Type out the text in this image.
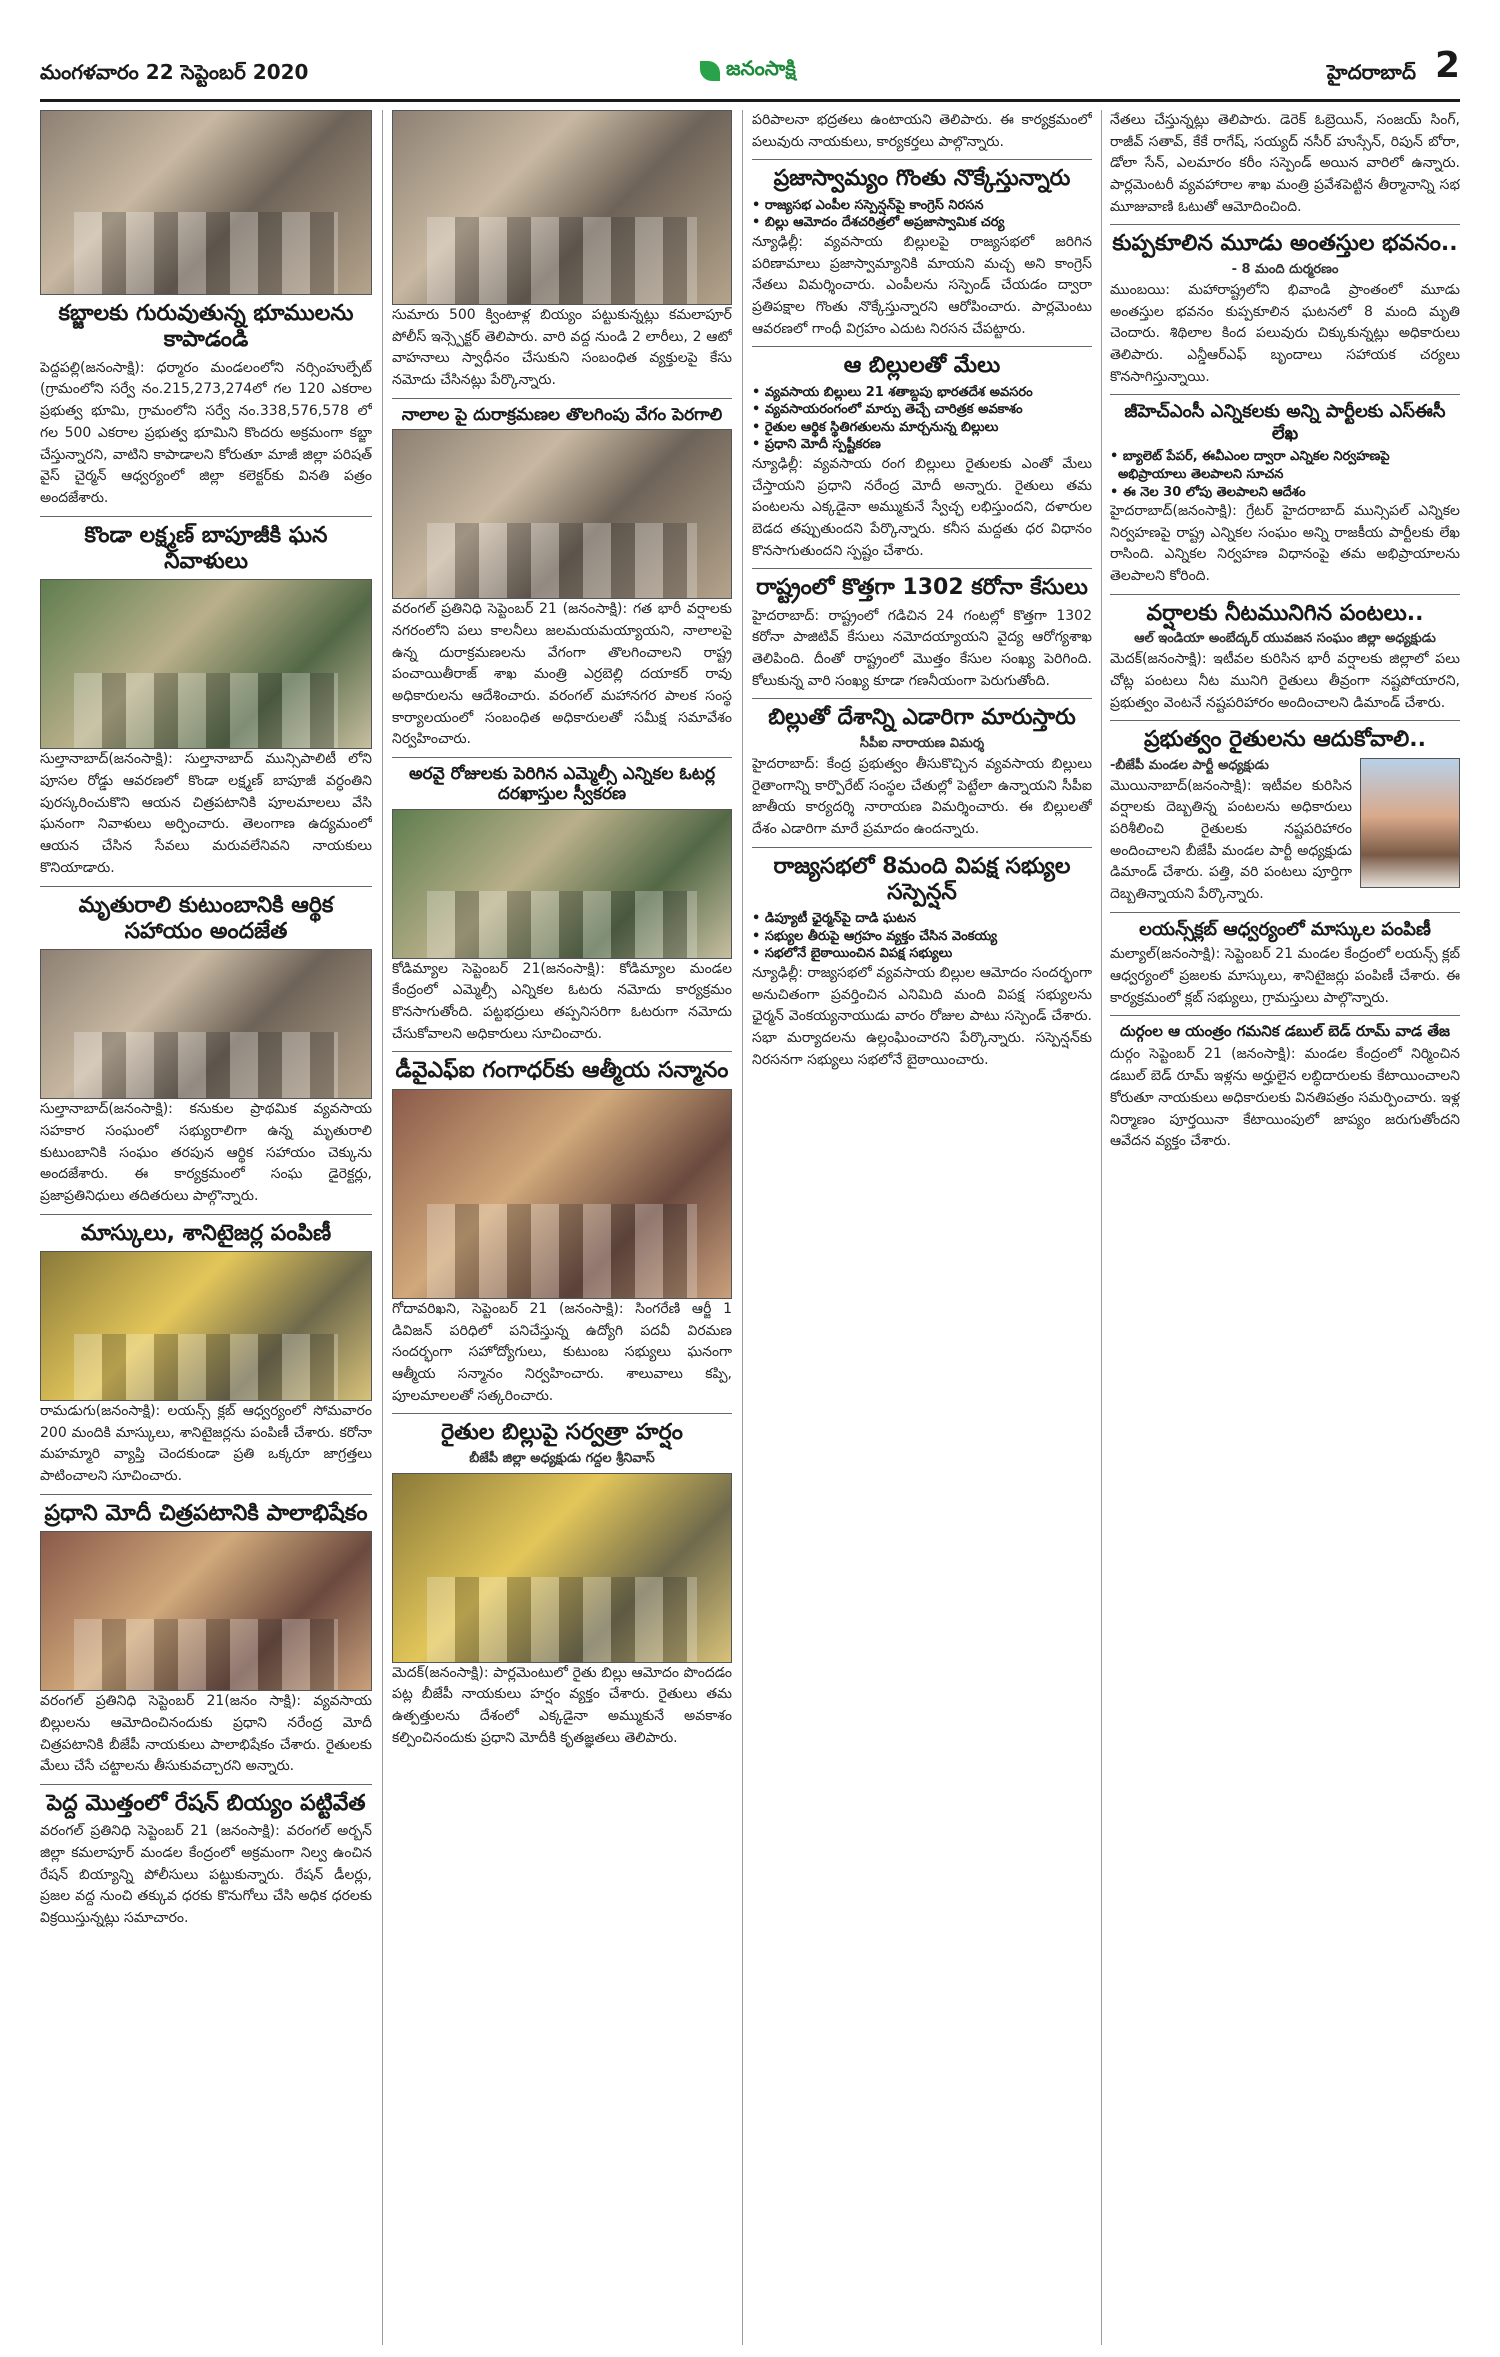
మంగళవారం 22 సెప్టెంబర్ 2020	జనంసాక్షి	హైదరాబాద్ 2
కబ్జాలకు గురువుతున్న భూములను కాపాడండి
పెద్దపల్లి(జనంసాక్షి): ధర్మారం మండలంలోని నర్సింహుల్పేట్ (గ్రామంలోని సర్వే నం.215,273,274లో గల 120 ఎకరాల ప్రభుత్వ భూమి, గ్రామంలోని సర్వే నం.338,576,578 లో గల 500 ఎకరాల ప్రభుత్వ భూమిని కొందరు అక్రమంగా కబ్జా చేస్తున్నారని, వాటిని కాపాడాలని కోరుతూ మాజీ జిల్లా పరిషత్ వైస్ చైర్మన్ ఆధ్వర్యంలో జిల్లా కలెక్టర్‌కు వినతి పత్రం అందజేశారు.
కొండా లక్ష్మణ్ బాపూజీకి ఘన నివాళులు
సుల్తానాబాద్(జనంసాక్షి): సుల్తానాబాద్ మున్సిపాలిటీ లోని పూసల రోడ్డు ఆవరణలో కొండా లక్ష్మణ్ బాపూజీ వర్ధంతిని పురస్కరించుకొని ఆయన చిత్రపటానికి పూలమాలలు వేసి ఘనంగా నివాళులు అర్పించారు. తెలంగాణ ఉద్యమంలో ఆయన చేసిన సేవలు మరువలేనివని నాయకులు కొనియాడారు.
మృతురాలి కుటుంబానికి ఆర్థిక సహాయం అందజేత
సుల్తానాబాద్(జనంసాక్షి): కనుకుల ప్రాథమిక వ్యవసాయ సహకార సంఘంలో సభ్యురాలిగా ఉన్న మృతురాలి కుటుంబానికి సంఘం తరపున ఆర్థిక సహాయం చెక్కును అందజేశారు. ఈ కార్యక్రమంలో సంఘ డైరెక్టర్లు, ప్రజాప్రతినిధులు తదితరులు పాల్గొన్నారు.
మాస్కులు, శానిటైజర్ల పంపిణీ
రామడుగు(జనంసాక్షి): లయన్స్ క్లబ్ ఆధ్వర్యంలో సోమవారం 200 మందికి మాస్కులు, శానిటైజర్లను పంపిణీ చేశారు. కరోనా మహమ్మారి వ్యాప్తి చెందకుండా ప్రతి ఒక్కరూ జాగ్రత్తలు పాటించాలని సూచించారు.
ప్రధాని మోదీ చిత్రపటానికి పాలాభిషేకం
వరంగల్ ప్రతినిధి సెప్టెంబర్ 21(జనం సాక్షి): వ్యవసాయ బిల్లులను ఆమోదించినందుకు ప్రధాని నరేంద్ర మోదీ చిత్రపటానికి బీజేపీ నాయకులు పాలాభిషేకం చేశారు. రైతులకు మేలు చేసే చట్టాలను తీసుకువచ్చారని అన్నారు.
పెద్ద మొత్తంలో రేషన్ బియ్యం పట్టివేత
వరంగల్ ప్రతినిధి సెప్టెంబర్ 21 (జనంసాక్షి): వరంగల్ అర్బన్ జిల్లా కమలాపూర్ మండల కేంద్రంలో అక్రమంగా నిల్వ ఉంచిన రేషన్ బియ్యాన్ని పోలీసులు పట్టుకున్నారు. రేషన్ డీలర్లు, ప్రజల వద్ద నుంచి తక్కువ ధరకు కొనుగోలు చేసి అధిక ధరలకు విక్రయిస్తున్నట్లు సమాచారం.
సుమారు 500 క్వింటాళ్ల బియ్యం పట్టుకున్నట్లు కమలాపూర్ పోలీస్ ఇన్స్పెక్టర్ తెలిపారు. వారి వద్ద నుండి 2 లారీలు, 2 ఆటో వాహనాలు స్వాధీనం చేసుకుని సంబంధిత వ్యక్తులపై కేసు నమోదు చేసినట్లు పేర్కొన్నారు.
నాలాల పై దురాక్రమణల తొలగింపు వేగం పెరగాలి
వరంగల్ ప్రతినిధి సెప్టెంబర్ 21 (జనంసాక్షి): గత భారీ వర్షాలకు నగరంలోని పలు కాలనీలు జలమయమయ్యాయని, నాలాలపై ఉన్న దురాక్రమణలను వేగంగా తొలగించాలని రాష్ట్ర పంచాయితీరాజ్ శాఖ మంత్రి ఎర్రబెల్లి దయాకర్ రావు అధికారులను ఆదేశించారు. వరంగల్ మహానగర పాలక సంస్థ కార్యాలయంలో సంబంధిత అధికారులతో సమీక్ష సమావేశం నిర్వహించారు.
అరవై రోజులకు పెరిగిన ఎమ్మెల్సీ ఎన్నికల ఓటర్ల దరఖాస్తుల స్వీకరణ
కోడిమ్యాల సెప్టెంబర్ 21(జనంసాక్షి): కోడిమ్యాల మండల కేంద్రంలో ఎమ్మెల్సీ ఎన్నికల ఓటరు నమోదు కార్యక్రమం కొనసాగుతోంది. పట్టభద్రులు తప్పనిసరిగా ఓటరుగా నమోదు చేసుకోవాలని అధికారులు సూచించారు.
డీవైఎఫ్ఐ గంగాధర్‌కు ఆత్మీయ సన్మానం
గోదావరిఖని, సెప్టెంబర్ 21 (జనంసాక్షి): సింగరేణి ఆర్జీ 1 డివిజన్ పరిధిలో పనిచేస్తున్న ఉద్యోగి పదవీ విరమణ సందర్భంగా సహోద్యోగులు, కుటుంబ సభ్యులు ఘనంగా ఆత్మీయ సన్మానం నిర్వహించారు. శాలువాలు కప్పి, పూలమాలలతో సత్కరించారు.
రైతుల బిల్లుపై సర్వత్రా హర్షం
బీజేపీ జిల్లా అధ్యక్షుడు గద్దల శ్రీనివాస్
మెదక్(జనంసాక్షి): పార్లమెంటులో రైతు బిల్లు ఆమోదం పొందడం పట్ల బీజేపీ నాయకులు హర్షం వ్యక్తం చేశారు. రైతులు తమ ఉత్పత్తులను దేశంలో ఎక్కడైనా అమ్ముకునే అవకాశం కల్పించినందుకు ప్రధాని మోదీకి కృతజ్ఞతలు తెలిపారు.
పరిపాలనా భద్రతలు ఉంటాయని తెలిపారు. ఈ కార్యక్రమంలో పలువురు నాయకులు, కార్యకర్తలు పాల్గొన్నారు.
ప్రజాస్వామ్యం గొంతు నొక్కేస్తున్నారు
• రాజ్యసభ ఎంపీల సస్పెన్షన్‌పై కాంగ్రెస్ నిరసన
• బిల్లు ఆమోదం దేశచరిత్రలో అప్రజాస్వామిక చర్య
న్యూఢిల్లీ: వ్యవసాయ బిల్లులపై రాజ్యసభలో జరిగిన పరిణామాలు ప్రజాస్వామ్యానికి మాయని మచ్చ అని కాంగ్రెస్ నేతలు విమర్శించారు. ఎంపీలను సస్పెండ్ చేయడం ద్వారా ప్రతిపక్షాల గొంతు నొక్కేస్తున్నారని ఆరోపించారు. పార్లమెంటు ఆవరణలో గాంధీ విగ్రహం ఎదుట నిరసన చేపట్టారు.
ఆ బిల్లులతో మేలు
• వ్యవసాయ బిల్లులు 21 శతాబ్దపు భారతదేశ అవసరం
• వ్యవసాయరంగంలో మార్పు తెచ్చే చారిత్రక అవకాశం
• రైతుల ఆర్థిక స్థితిగతులను మార్చనున్న బిల్లులు
• ప్రధాని మోదీ స్పష్టీకరణ
న్యూఢిల్లీ: వ్యవసాయ రంగ బిల్లులు రైతులకు ఎంతో మేలు చేస్తాయని ప్రధాని నరేంద్ర మోదీ అన్నారు. రైతులు తమ పంటలను ఎక్కడైనా అమ్ముకునే స్వేచ్ఛ లభిస్తుందని, దళారుల బెడద తప్పుతుందని పేర్కొన్నారు. కనీస మద్దతు ధర విధానం కొనసాగుతుందని స్పష్టం చేశారు.
రాష్ట్రంలో కొత్తగా 1302 కరోనా కేసులు
హైదరాబాద్: రాష్ట్రంలో గడిచిన 24 గంటల్లో కొత్తగా 1302 కరోనా పాజిటివ్ కేసులు నమోదయ్యాయని వైద్య ఆరోగ్యశాఖ తెలిపింది. దీంతో రాష్ట్రంలో మొత్తం కేసుల సంఖ్య పెరిగింది. కోలుకున్న వారి సంఖ్య కూడా గణనీయంగా పెరుగుతోంది.
బిల్లుతో దేశాన్ని ఎడారిగా మారుస్తారు
సీపీఐ నారాయణ విమర్శ
హైదరాబాద్: కేంద్ర ప్రభుత్వం తీసుకొచ్చిన వ్యవసాయ బిల్లులు రైతాంగాన్ని కార్పొరేట్ సంస్థల చేతుల్లో పెట్టేలా ఉన్నాయని సీపీఐ జాతీయ కార్యదర్శి నారాయణ విమర్శించారు. ఈ బిల్లులతో దేశం ఎడారిగా మారే ప్రమాదం ఉందన్నారు.
రాజ్యసభలో 8మంది విపక్ష సభ్యుల సస్పెన్షన్
• డిప్యూటీ ఛైర్మన్‌పై దాడి ఘటన
• సభ్యుల తీరుపై ఆగ్రహం వ్యక్తం చేసిన వెంకయ్య
• సభలోనే బైఠాయించిన విపక్ష సభ్యులు
న్యూఢిల్లీ: రాజ్యసభలో వ్యవసాయ బిల్లుల ఆమోదం సందర్భంగా అనుచితంగా ప్రవర్తించిన ఎనిమిది మంది విపక్ష సభ్యులను ఛైర్మన్ వెంకయ్యనాయుడు వారం రోజుల పాటు సస్పెండ్ చేశారు. సభా మర్యాదలను ఉల్లంఘించారని పేర్కొన్నారు. సస్పెన్షన్‌కు నిరసనగా సభ్యులు సభలోనే బైఠాయించారు.
నేతలు చేస్తున్నట్లు తెలిపారు. డెరెక్ ఓబ్రెయిన్, సంజయ్ సింగ్, రాజీవ్ సతావ్, కేకే రాగేష్, సయ్యద్ నసీర్ హుస్సేన్, రిపున్ బోరా, డోలా సేన్, ఎలమారం కరీం సస్పెండ్ అయిన వారిలో ఉన్నారు. పార్లమెంటరీ వ్యవహారాల శాఖ మంత్రి ప్రవేశపెట్టిన తీర్మానాన్ని సభ మూజువాణి ఓటుతో ఆమోదించింది.
కుప్పకూలిన మూడు అంతస్తుల భవనం..
- 8 మంది దుర్మరణం
ముంబయి: మహారాష్ట్రలోని భివాండి ప్రాంతంలో మూడు అంతస్తుల భవనం కుప్పకూలిన ఘటనలో 8 మంది మృతి చెందారు. శిథిలాల కింద పలువురు చిక్కుకున్నట్లు అధికారులు తెలిపారు. ఎన్డీఆర్ఎఫ్ బృందాలు సహాయక చర్యలు కొనసాగిస్తున్నాయి.
జీహెచ్ఎంసీ ఎన్నికలకు అన్ని పార్టీలకు ఎస్ఈసీ లేఖ
• బ్యాలెట్ పేపర్, ఈవీఎంల ద్వారా ఎన్నికల నిర్వహణపై అభిప్రాయాలు తెలపాలని సూచన
• ఈ నెల 30 లోపు తెలపాలని ఆదేశం
హైదరాబాద్(జనంసాక్షి): గ్రేటర్ హైదరాబాద్ మున్సిపల్ ఎన్నికల నిర్వహణపై రాష్ట్ర ఎన్నికల సంఘం అన్ని రాజకీయ పార్టీలకు లేఖ రాసింది. ఎన్నికల నిర్వహణ విధానంపై తమ అభిప్రాయాలను తెలపాలని కోరింది.
వర్షాలకు నీటమునిగిన పంటలు..
ఆల్ ఇండియా అంబేద్కర్ యువజన సంఘం జిల్లా అధ్యక్షుడు
మెదక్(జనంసాక్షి): ఇటీవల కురిసిన భారీ వర్షాలకు జిల్లాలో పలు చోట్ల పంటలు నీట మునిగి రైతులు తీవ్రంగా నష్టపోయారని, ప్రభుత్వం వెంటనే నష్టపరిహారం అందించాలని డిమాండ్ చేశారు.
ప్రభుత్వం రైతులను ఆదుకోవాలి..
-బీజేపీ మండల పార్టీ అధ్యక్షుడు
మొయినాబాద్(జనంసాక్షి): ఇటీవల కురిసిన వర్షాలకు దెబ్బతిన్న పంటలను అధికారులు పరిశీలించి రైతులకు నష్టపరిహారం అందించాలని బీజేపీ మండల పార్టీ అధ్యక్షుడు డిమాండ్ చేశారు. పత్తి, వరి పంటలు పూర్తిగా దెబ్బతిన్నాయని పేర్కొన్నారు.
లయన్స్‌క్లబ్ ఆధ్వర్యంలో మాస్కుల పంపిణీ
మల్యాల్(జనంసాక్షి): సెప్టెంబర్ 21 మండల కేంద్రంలో లయన్స్ క్లబ్ ఆధ్వర్యంలో ప్రజలకు మాస్కులు, శానిటైజర్లు పంపిణీ చేశారు. ఈ కార్యక్రమంలో క్లబ్ సభ్యులు, గ్రామస్తులు పాల్గొన్నారు.
దుర్గంల ఆ యంత్రం గమనిక డబుల్ బెడ్ రూమ్ వాడ తేజ
దుర్గం సెప్టెంబర్ 21 (జనంసాక్షి): మండల కేంద్రంలో నిర్మించిన డబుల్ బెడ్ రూమ్ ఇళ్లను అర్హులైన లబ్ధిదారులకు కేటాయించాలని కోరుతూ నాయకులు అధికారులకు వినతిపత్రం సమర్పించారు. ఇళ్ల నిర్మాణం పూర్తయినా కేటాయింపులో జాప్యం జరుగుతోందని ఆవేదన వ్యక్తం చేశారు.
